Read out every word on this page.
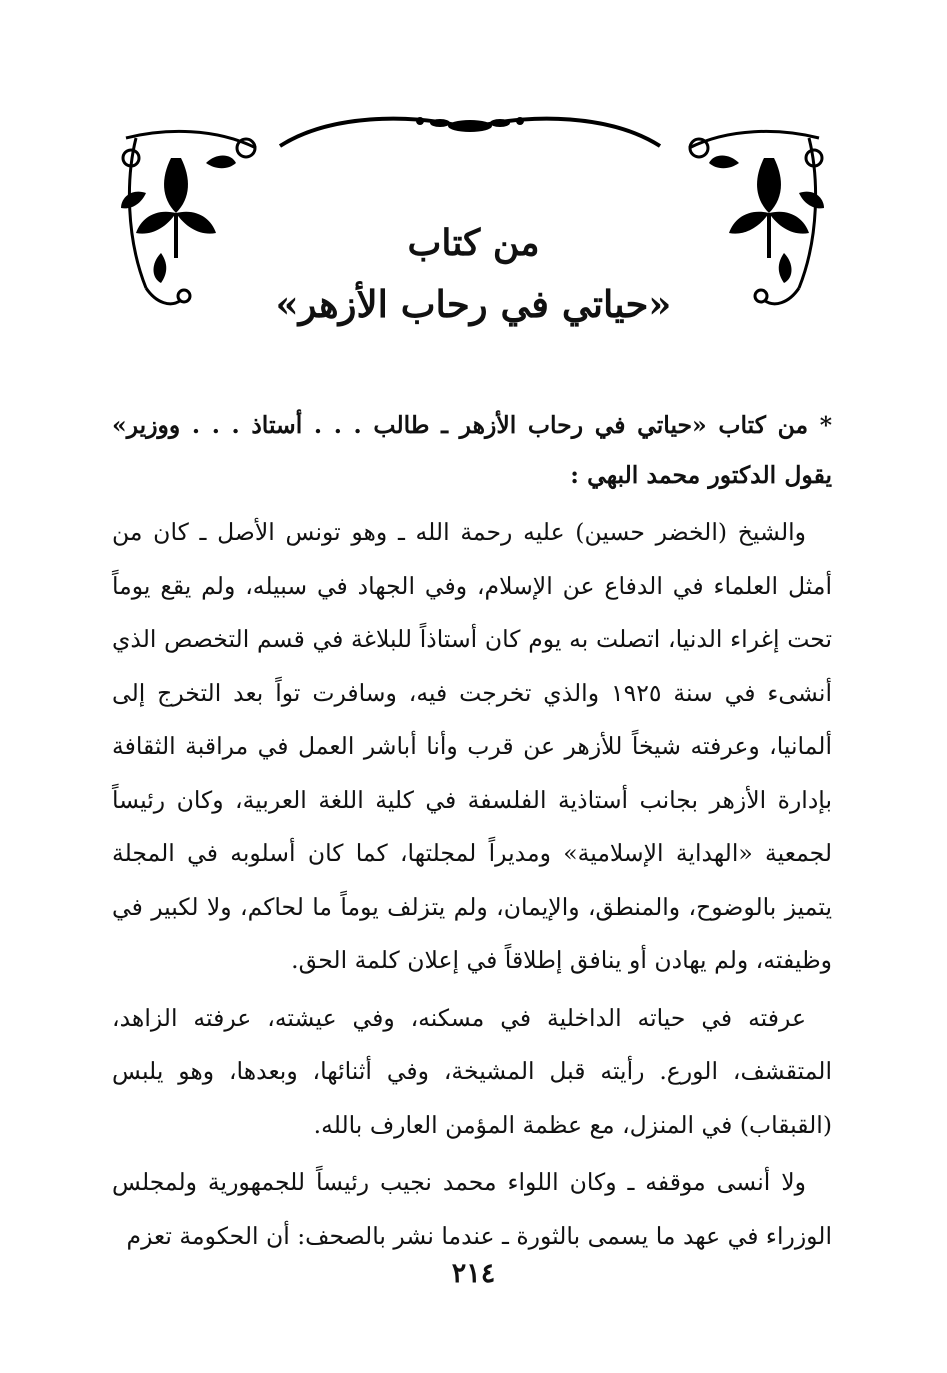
من كتاب
«حياتي في رحاب الأزهر»

* من كتاب «حياتي في رحاب الأزهر ـ طالب . . . أستاذ . . . ووزير» يقول الدكتور محمد البهي :

والشيخ (الخضر حسين) عليه رحمة الله ـ وهو تونس الأصل ـ كان من أمثل العلماء في الدفاع عن الإسلام، وفي الجهاد في سبيله، ولم يقع يوماً تحت إغراء الدنيا، اتصلت به يوم كان أستاذاً للبلاغة في قسم التخصص الذي أنشىء في سنة ١٩٢٥ والذي تخرجت فيه، وسافرت تواً بعد التخرج إلى ألمانيا، وعرفته شيخاً للأزهر عن قرب وأنا أباشر العمل في مراقبة الثقافة بإدارة الأزهر بجانب أستاذية الفلسفة في كلية اللغة العربية، وكان رئيساً لجمعية «الهداية الإسلامية» ومديراً لمجلتها، كما كان أسلوبه في المجلة يتميز بالوضوح، والمنطق، والإيمان، ولم يتزلف يوماً ما لحاكم، ولا لكبير في وظيفته، ولم يهادن أو ينافق إطلاقاً في إعلان كلمة الحق.

عرفته في حياته الداخلية في مسكنه، وفي عيشته، عرفته الزاهد، المتقشف، الورع. رأيته قبل المشيخة، وفي أثنائها، وبعدها، وهو يلبس (القبقاب) في المنزل، مع عظمة المؤمن العارف بالله.

ولا أنسى موقفه ـ وكان اللواء محمد نجيب رئيساً للجمهورية ولمجلس الوزراء في عهد ما يسمى بالثورة ـ عندما نشر بالصحف: أن الحكومة تعزم

٢١٤
